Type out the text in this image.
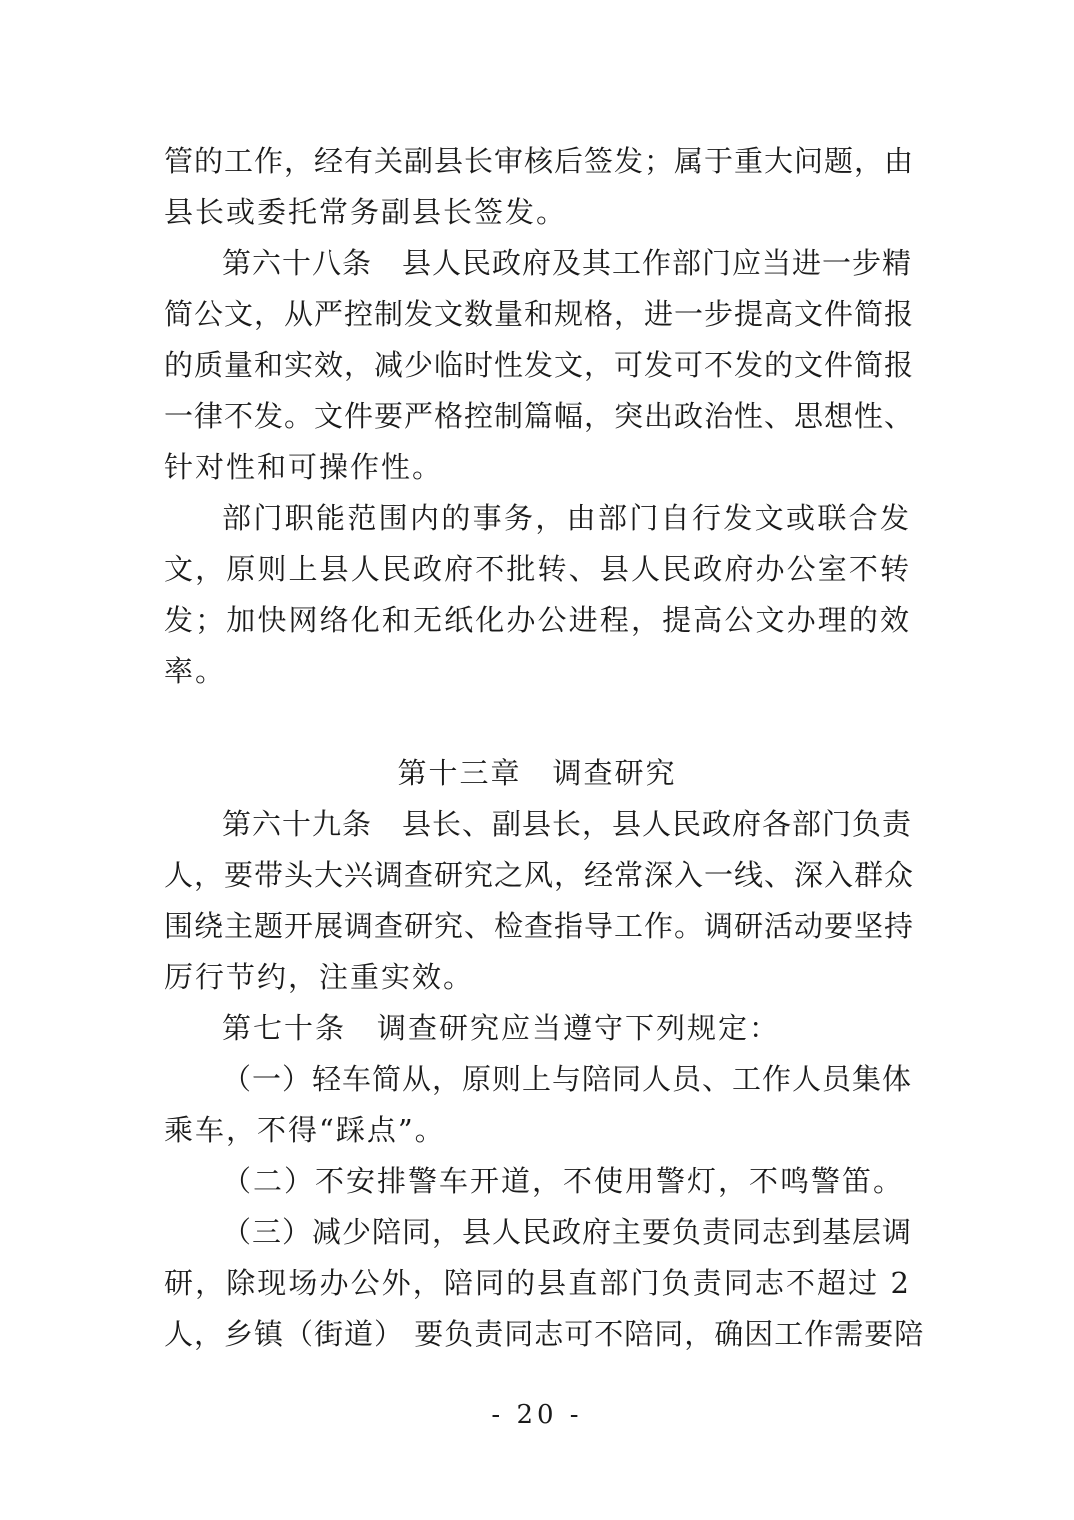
管的工作，经有关副县长审核后签发；属于重大问题，由

县长或委托常务副县长签发。

第六十八条　县人民政府及其工作部门应当进一步精

简公文，从严控制发文数量和规格，进一步提高文件简报

的质量和实效，减少临时性发文，可发可不发的文件简报

一律不发。文件要严格控制篇幅，突出政治性、思想性、

针对性和可操作性。

部门职能范围内的事务，由部门自行发文或联合发

文，原则上县人民政府不批转、县人民政府办公室不转

发；加快网络化和无纸化办公进程，提高公文办理的效

率。

第十三章　调查研究

第六十九条　县长、副县长，县人民政府各部门负责

人，要带头大兴调查研究之风，经常深入一线、深入群众

围绕主题开展调查研究、检查指导工作。调研活动要坚持

厉行节约，注重实效。

第七十条　调查研究应当遵守下列规定：

（一）轻车简从，原则上与陪同人员、工作人员集体

乘车，不得“踩点”。

（二）不安排警车开道，不使用警灯，不鸣警笛。

（三）减少陪同，县人民政府主要负责同志到基层调

研，除现场办公外，陪同的县直部门负责同志不超过 2

人，乡镇（街道） 要负责同志可不陪同，确因工作需要陪

- 20 -
